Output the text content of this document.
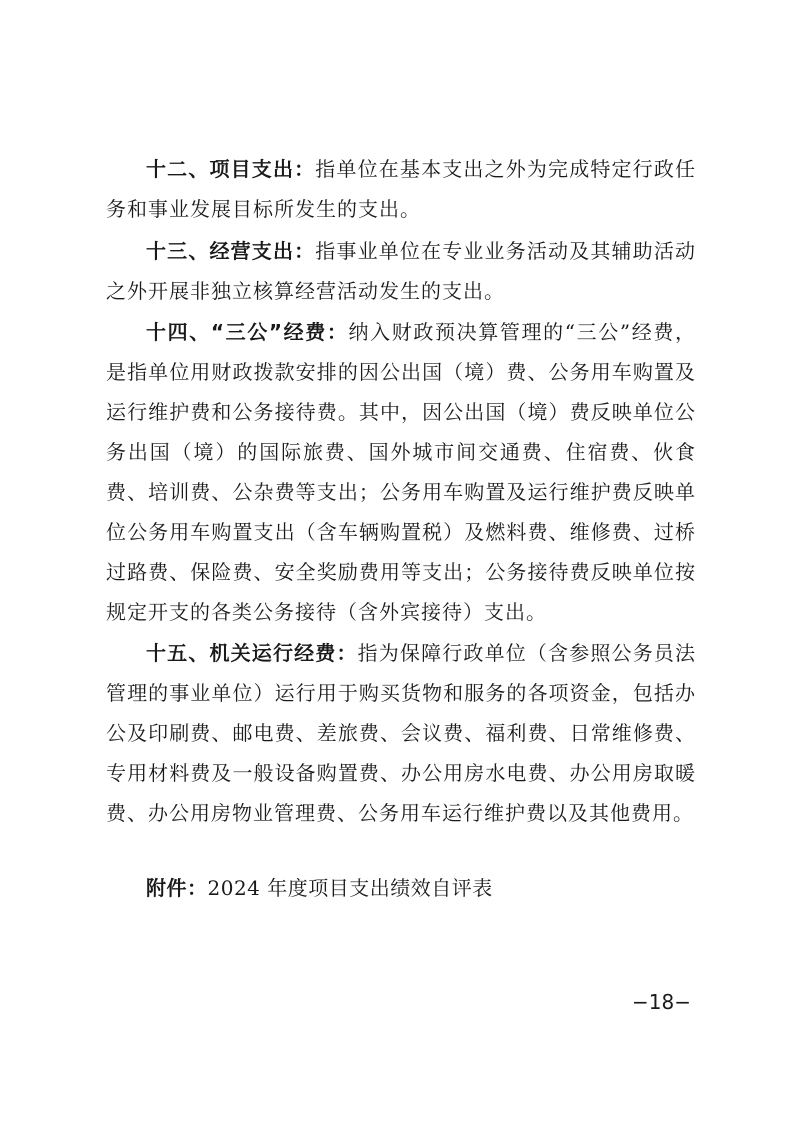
十二、项目支出：指单位在基本支出之外为完成特定行政任务和事业发展目标所发生的支出。

十三、经营支出：指事业单位在专业业务活动及其辅助活动之外开展非独立核算经营活动发生的支出。

十四、“三公”经费：纳入财政预决算管理的“三公”经费，是指单位用财政拨款安排的因公出国（境）费、公务用车购置及运行维护费和公务接待费。其中，因公出国（境）费反映单位公务出国（境）的国际旅费、国外城市间交通费、住宿费、伙食费、培训费、公杂费等支出；公务用车购置及运行维护费反映单位公务用车购置支出（含车辆购置税）及燃料费、维修费、过桥过路费、保险费、安全奖励费用等支出；公务接待费反映单位按规定开支的各类公务接待（含外宾接待）支出。

十五、机关运行经费：指为保障行政单位（含参照公务员法管理的事业单位）运行用于购买货物和服务的各项资金，包括办公及印刷费、邮电费、差旅费、会议费、福利费、日常维修费、专用材料费及一般设备购置费、办公用房水电费、办公用房取暖费、办公用房物业管理费、公务用车运行维护费以及其他费用。

附件：2024 年度项目支出绩效自评表
−18−
